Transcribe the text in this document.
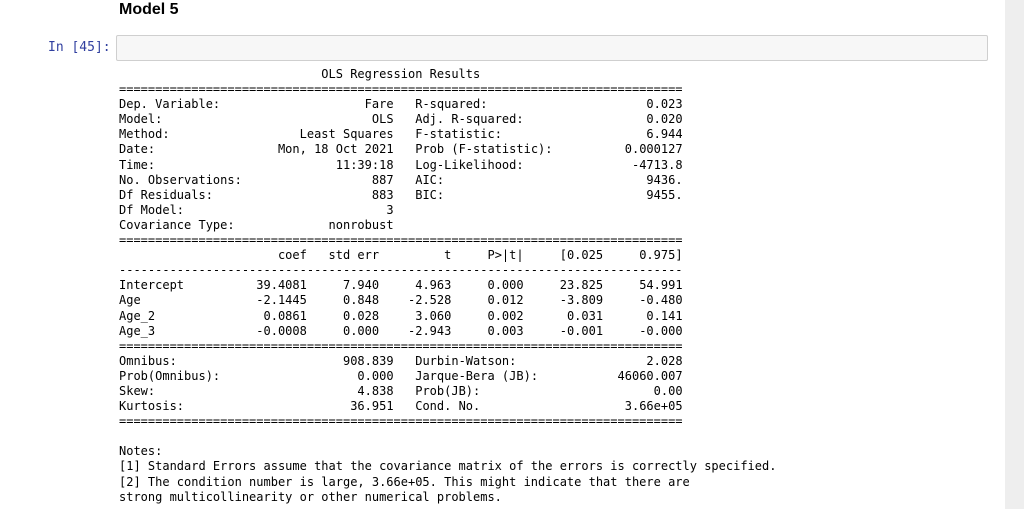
Model 5
In [45]:
OLS Regression Results
==============================================================================
Dep. Variable:                    Fare R-squared:                      0.023
Model:                             OLS Adj. R-squared:                 0.020
Method:                  Least Squares F-statistic:                    6.944
Date:                 Mon, 18 Oct 2021 Prob (F-statistic):          0.000127
Time:                         11:39:18 Log-Likelihood:               -4713.8
No. Observations:                  887 AIC:                            9436.
Df Residuals:                      883 BIC:                            9455.
Df Model:                            3
Covariance Type:             nonrobust
==============================================================================
coef   std err         t     P>|t|     [0.025     0.975]
------------------------------------------------------------------------------
Intercept          39.4081     7.940     4.963     0.000     23.825     54.991
Age                -2.1445     0.848    -2.528     0.012     -3.809     -0.480
Age_2               0.0861     0.028     3.060     0.002      0.031      0.141
Age_3              -0.0008     0.000    -2.943     0.003     -0.001     -0.000
==============================================================================
Omnibus:                       908.839 Durbin-Watson:                  2.028
Prob(Omnibus):                   0.000 Jarque-Bera (JB):           46060.007
Skew:                            4.838 Prob(JB):                        0.00
Kurtosis:                       36.951 Cond. No.                    3.66e+05
==============================================================================

Notes:
[1] Standard Errors assume that the covariance matrix of the errors is correctly specified.
[2] The condition number is large, 3.66e+05. This might indicate that there are
strong multicollinearity or other numerical problems.
